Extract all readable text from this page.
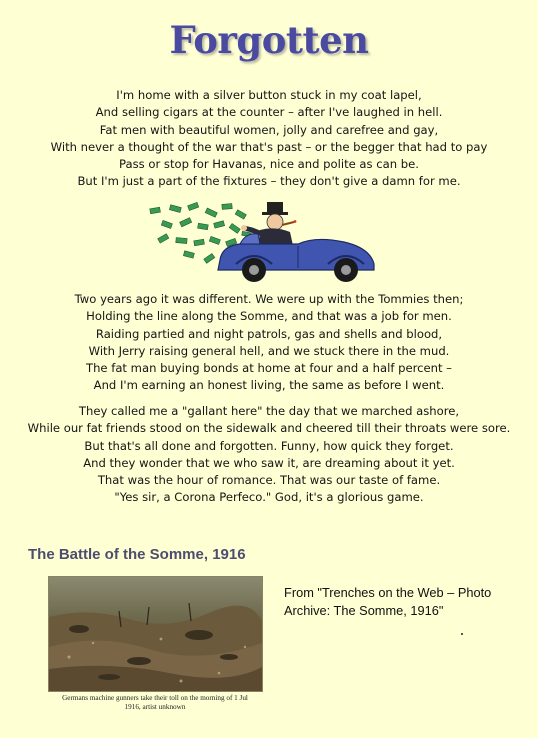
Forgotten
I'm home with a silver button stuck in my coat lapel,
And selling cigars at the counter – after I've laughed in hell.
Fat men with beautiful women, jolly and carefree and gay,
With never a thought of the war that's past – or the begger that had to pay
Pass or stop for Havanas, nice and polite as can be.
But I'm just a part of the fixtures – they don't give a damn for me.
Two years ago it was different. We were up with the Tommies then;
Holding the line along the Somme, and that was a job for men.
Raiding partied and night patrols, gas and shells and blood,
With Jerry raising general hell, and we stuck there in the mud.
The fat man buying bonds at home at four and a half percent –
And I'm earning an honest living, the same as before I went.
They called me a "gallant here" the day that we marched ashore,
While our fat friends stood on the sidewalk and cheered till their throats were sore.
But that's all done and forgotten. Funny, how quick they forget.
And they wonder that we who saw it, are dreaming about it yet.
That was the hour of romance. That was our taste of fame.
"Yes sir, a Corona Perfeco." God, it's a glorious game.
The Battle of the Somme, 1916
Germans machine gunners take their toll on the morning of 1 Jul
1916, artist unknown
From "Trenches on the Web – Photo
Archive: The Somme, 1916"
